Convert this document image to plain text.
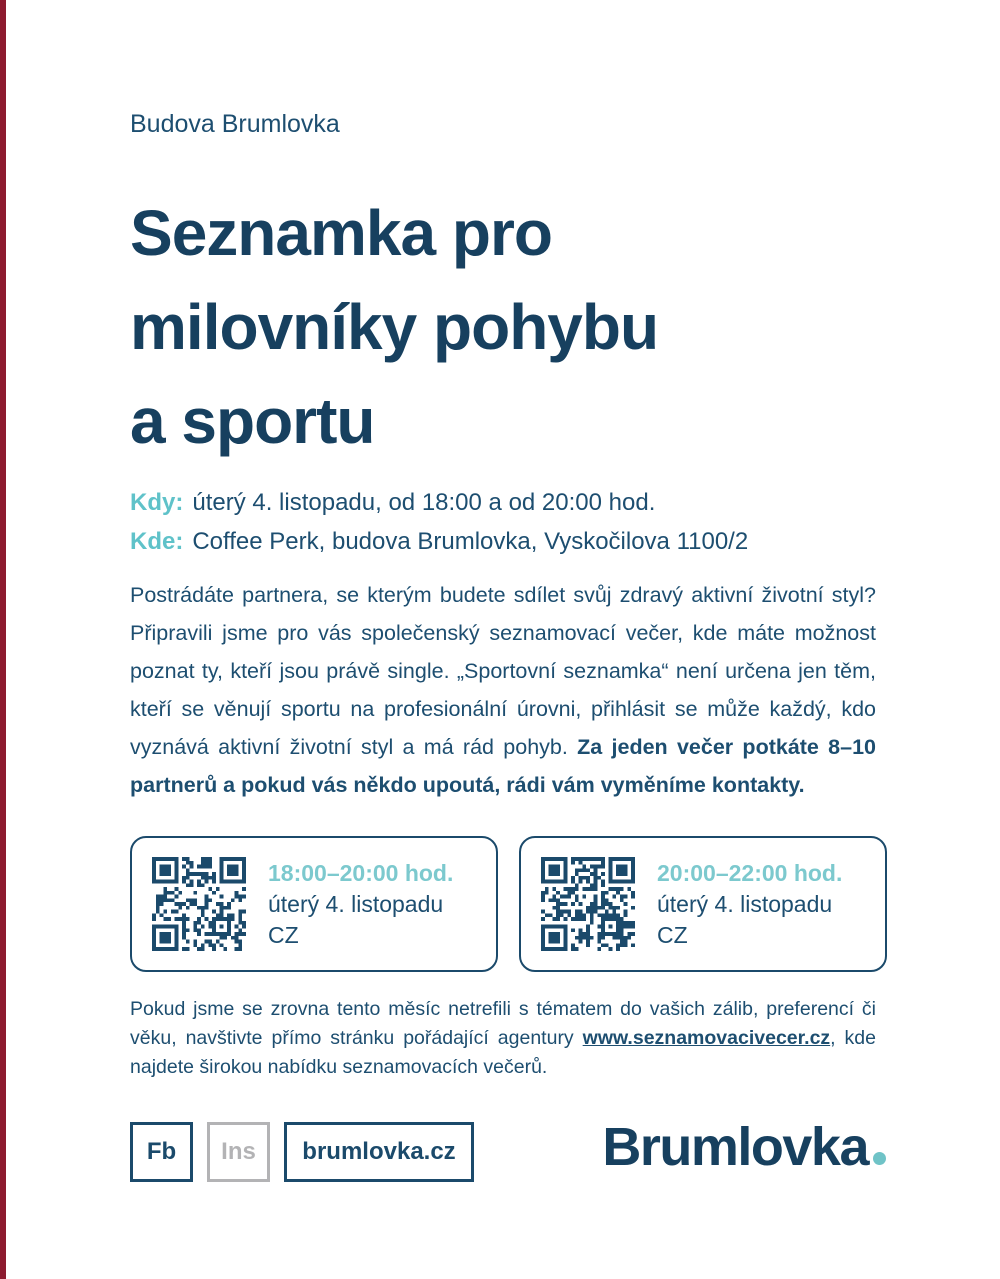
Budova Brumlovka
Seznamka pro
milovníky pohybu
a sportu
Kdy: úterý 4. listopadu, od 18:00 a od 20:00 hod.
Kde: Coffee Perk, budova Brumlovka, Vyskočilova 1100/2

Postrádáte partnera, se kterým budete sdílet svůj zdravý aktivní životní styl? Připravili jsme pro vás společenský seznamovací večer, kde máte možnost poznat ty, kteří jsou právě single. „Sportovní seznamka“ není určena jen těm, kteří se věnují sportu na profesionální úrovni, přihlásit se může každý, kdo vyznává aktivní životní styl a má rád pohyb. Za jeden večer potkáte 8–10 partnerů a pokud vás někdo upoutá, rádi vám vyměníme kontakty.

18:00–20:00 hod.
úterý 4. listopadu
CZ
20:00–22:00 hod.
úterý 4. listopadu
CZ

Pokud jsme se zrovna tento měsíc netrefili s tématem do vašich zálib, preferencí či věku, navštivte přímo stránku pořádající agentury www.seznamovacivecer.cz, kde najdete širokou nabídku seznamovacích večerů.

Fb	Ins	brumlovka.cz	Brumlovka
